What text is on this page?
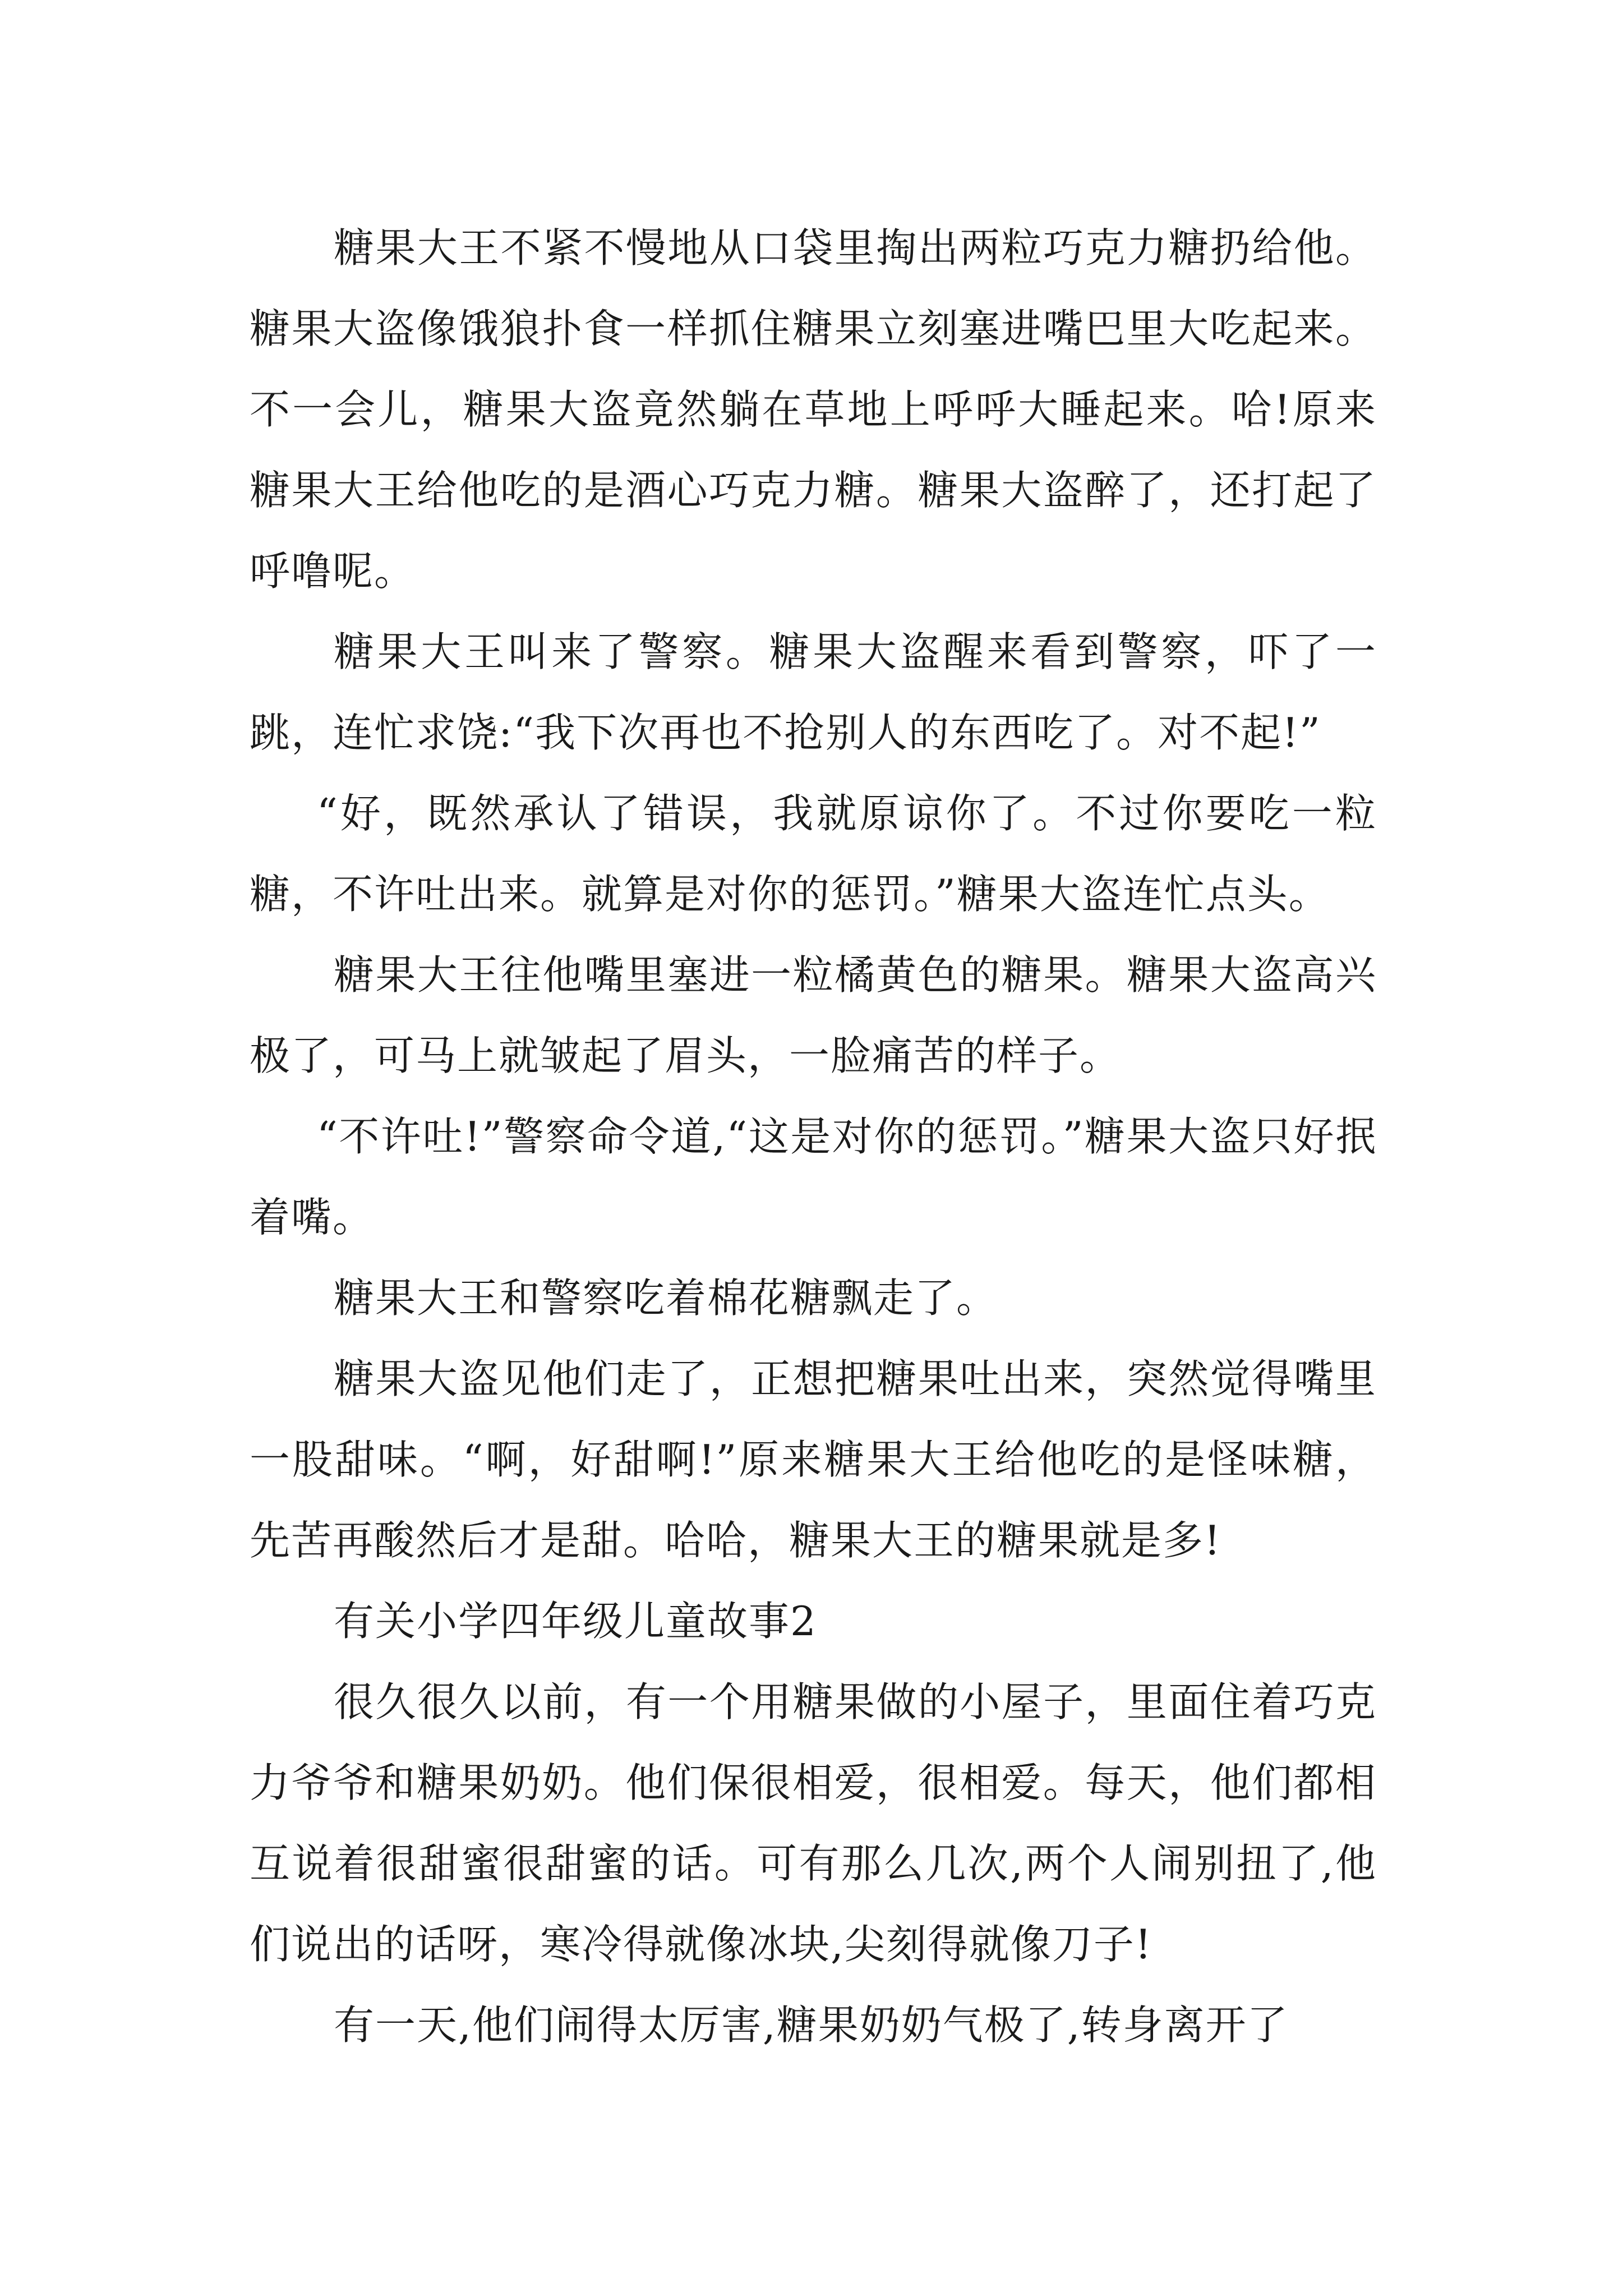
糖果大王不紧不慢地从口袋里掏出两粒巧克力糖扔给他。糖果大盗像饿狼扑食一样抓住糖果立刻塞进嘴巴里大吃起来。不一会儿，糖果大盗竟然躺在草地上呼呼大睡起来。哈!原来糖果大王给他吃的是酒心巧克力糖。糖果大盗醉了，还打起了呼噜呢。

糖果大王叫来了警察。糖果大盗醒来看到警察，吓了一跳，连忙求饶:“我下次再也不抢别人的东西吃了。对不起!”

“好，既然承认了错误，我就原谅你了。不过你要吃一粒糖，不许吐出来。就算是对你的惩罚。”糖果大盗连忙点头。

糖果大王往他嘴里塞进一粒橘黄色的糖果。糖果大盗高兴极了，可马上就皱起了眉头，一脸痛苦的样子。

“不许吐!”警察命令道,“这是对你的惩罚。”糖果大盗只好抿着嘴。

糖果大王和警察吃着棉花糖飘走了。

糖果大盗见他们走了，正想把糖果吐出来，突然觉得嘴里一股甜味。“啊，好甜啊!”原来糖果大王给他吃的是怪味糖，先苦再酸然后才是甜。哈哈，糖果大王的糖果就是多!

有关小学四年级儿童故事2

很久很久以前，有一个用糖果做的小屋子，里面住着巧克力爷爷和糖果奶奶。他们保很相爱，很相爱。每天，他们都相互说着很甜蜜很甜蜜的话。可有那么几次,两个人闹别扭了,他们说出的话呀，寒冷得就像冰块,尖刻得就像刀子!

有一天,他们闹得太厉害,糖果奶奶气极了,转身离开了
